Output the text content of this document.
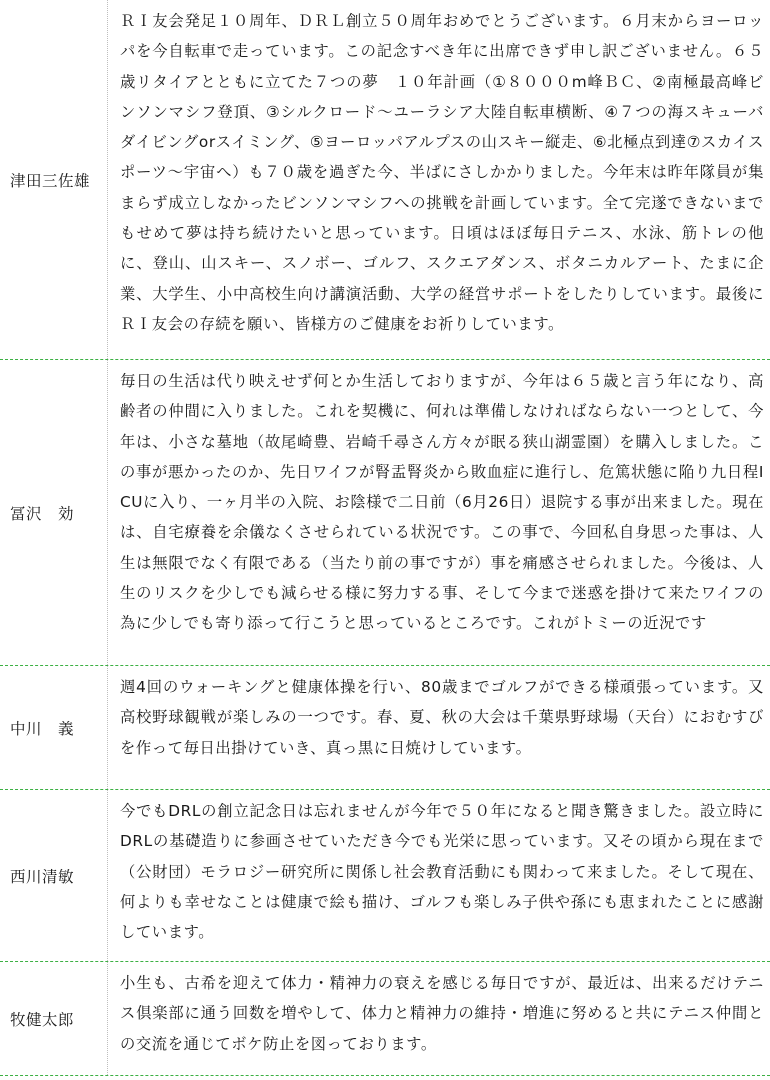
津田三佐雄
ＲＩ友会発足１０周年、ＤＲＬ創立５０周年おめでとうございます。６月末からヨーロッパを今自転車で走っています。この記念すべき年に出席できず申し訳ございません。６５歳リタイアとともに立てた７つの夢　１０年計画（①８０００m峰ＢＣ、②南極最高峰ビンソンマシフ登頂、③シルクロード～ユーラシア大陸自転車横断、④７つの海スキューバダイビングorスイミング、⑤ヨーロッパアルプスの山スキー縦走、⑥北極点到達⑦スカイスポーツ～宇宙へ）も７０歳を過ぎた今、半ばにさしかかりました。今年末は昨年隊員が集まらず成立しなかったビンソンマシフへの挑戦を計画しています。全て完遂できないまでもせめて夢は持ち続けたいと思っています。日頃はほぼ毎日テニス、水泳、筋トレの他に、登山、山スキー、スノボー、ゴルフ、スクエアダンス、ボタニカルアート、たまに企業、大学生、小中高校生向け講演活動、大学の経営サポートをしたりしています。最後にＲＩ友会の存続を願い、皆様方のご健康をお祈りしています。
冨沢　効
毎日の生活は代り映えせず何とか生活しておりますが、今年は６５歳と言う年になり、高齢者の仲間に入りました。これを契機に、何れは準備しなければならない一つとして、今年は、小さな墓地（故尾崎豊、岩崎千尋さん方々が眠る狭山湖霊園）を購入しました。この事が悪かったのか、先日ワイフが腎盂腎炎から敗血症に進行し、危篤状態に陥り九日程ICUに入り、一ヶ月半の入院、お陰様で二日前（6月26日）退院する事が出来ました。現在は、自宅療養を余儀なくさせられている状況です。この事で、今回私自身思った事は、人生は無限でなく有限である（当たり前の事ですが）事を痛感させられました。今後は、人生のリスクを少しでも減らせる様に努力する事、そして今まで迷惑を掛けて来たワイフの為に少しでも寄り添って行こうと思っているところです。これがトミーの近況です
中川　義
週4回のウォーキングと健康体操を行い、80歳までゴルフができる様頑張っています。又高校野球観戦が楽しみの一つです。春、夏、秋の大会は千葉県野球場（天台）におむすびを作って毎日出掛けていき、真っ黒に日焼けしています。
西川清敏
今でもDRLの創立記念日は忘れませんが今年で５０年になると聞き驚きました。設立時にDRLの基礎造りに参画させていただき今でも光栄に思っています。又その頃から現在まで（公財団）モラロジー研究所に関係し社会教育活動にも関わって来ました。そして現在、何よりも幸せなことは健康で絵も描け、ゴルフも楽しみ子供や孫にも恵まれたことに感謝しています。
牧健太郎
小生も、古希を迎えて体力・精神力の衰えを感じる毎日ですが、最近は、出来るだけテニス倶楽部に通う回数を増やして、体力と精神力の維持・増進に努めると共にテニス仲間との交流を通じてボケ防止を図っております。
